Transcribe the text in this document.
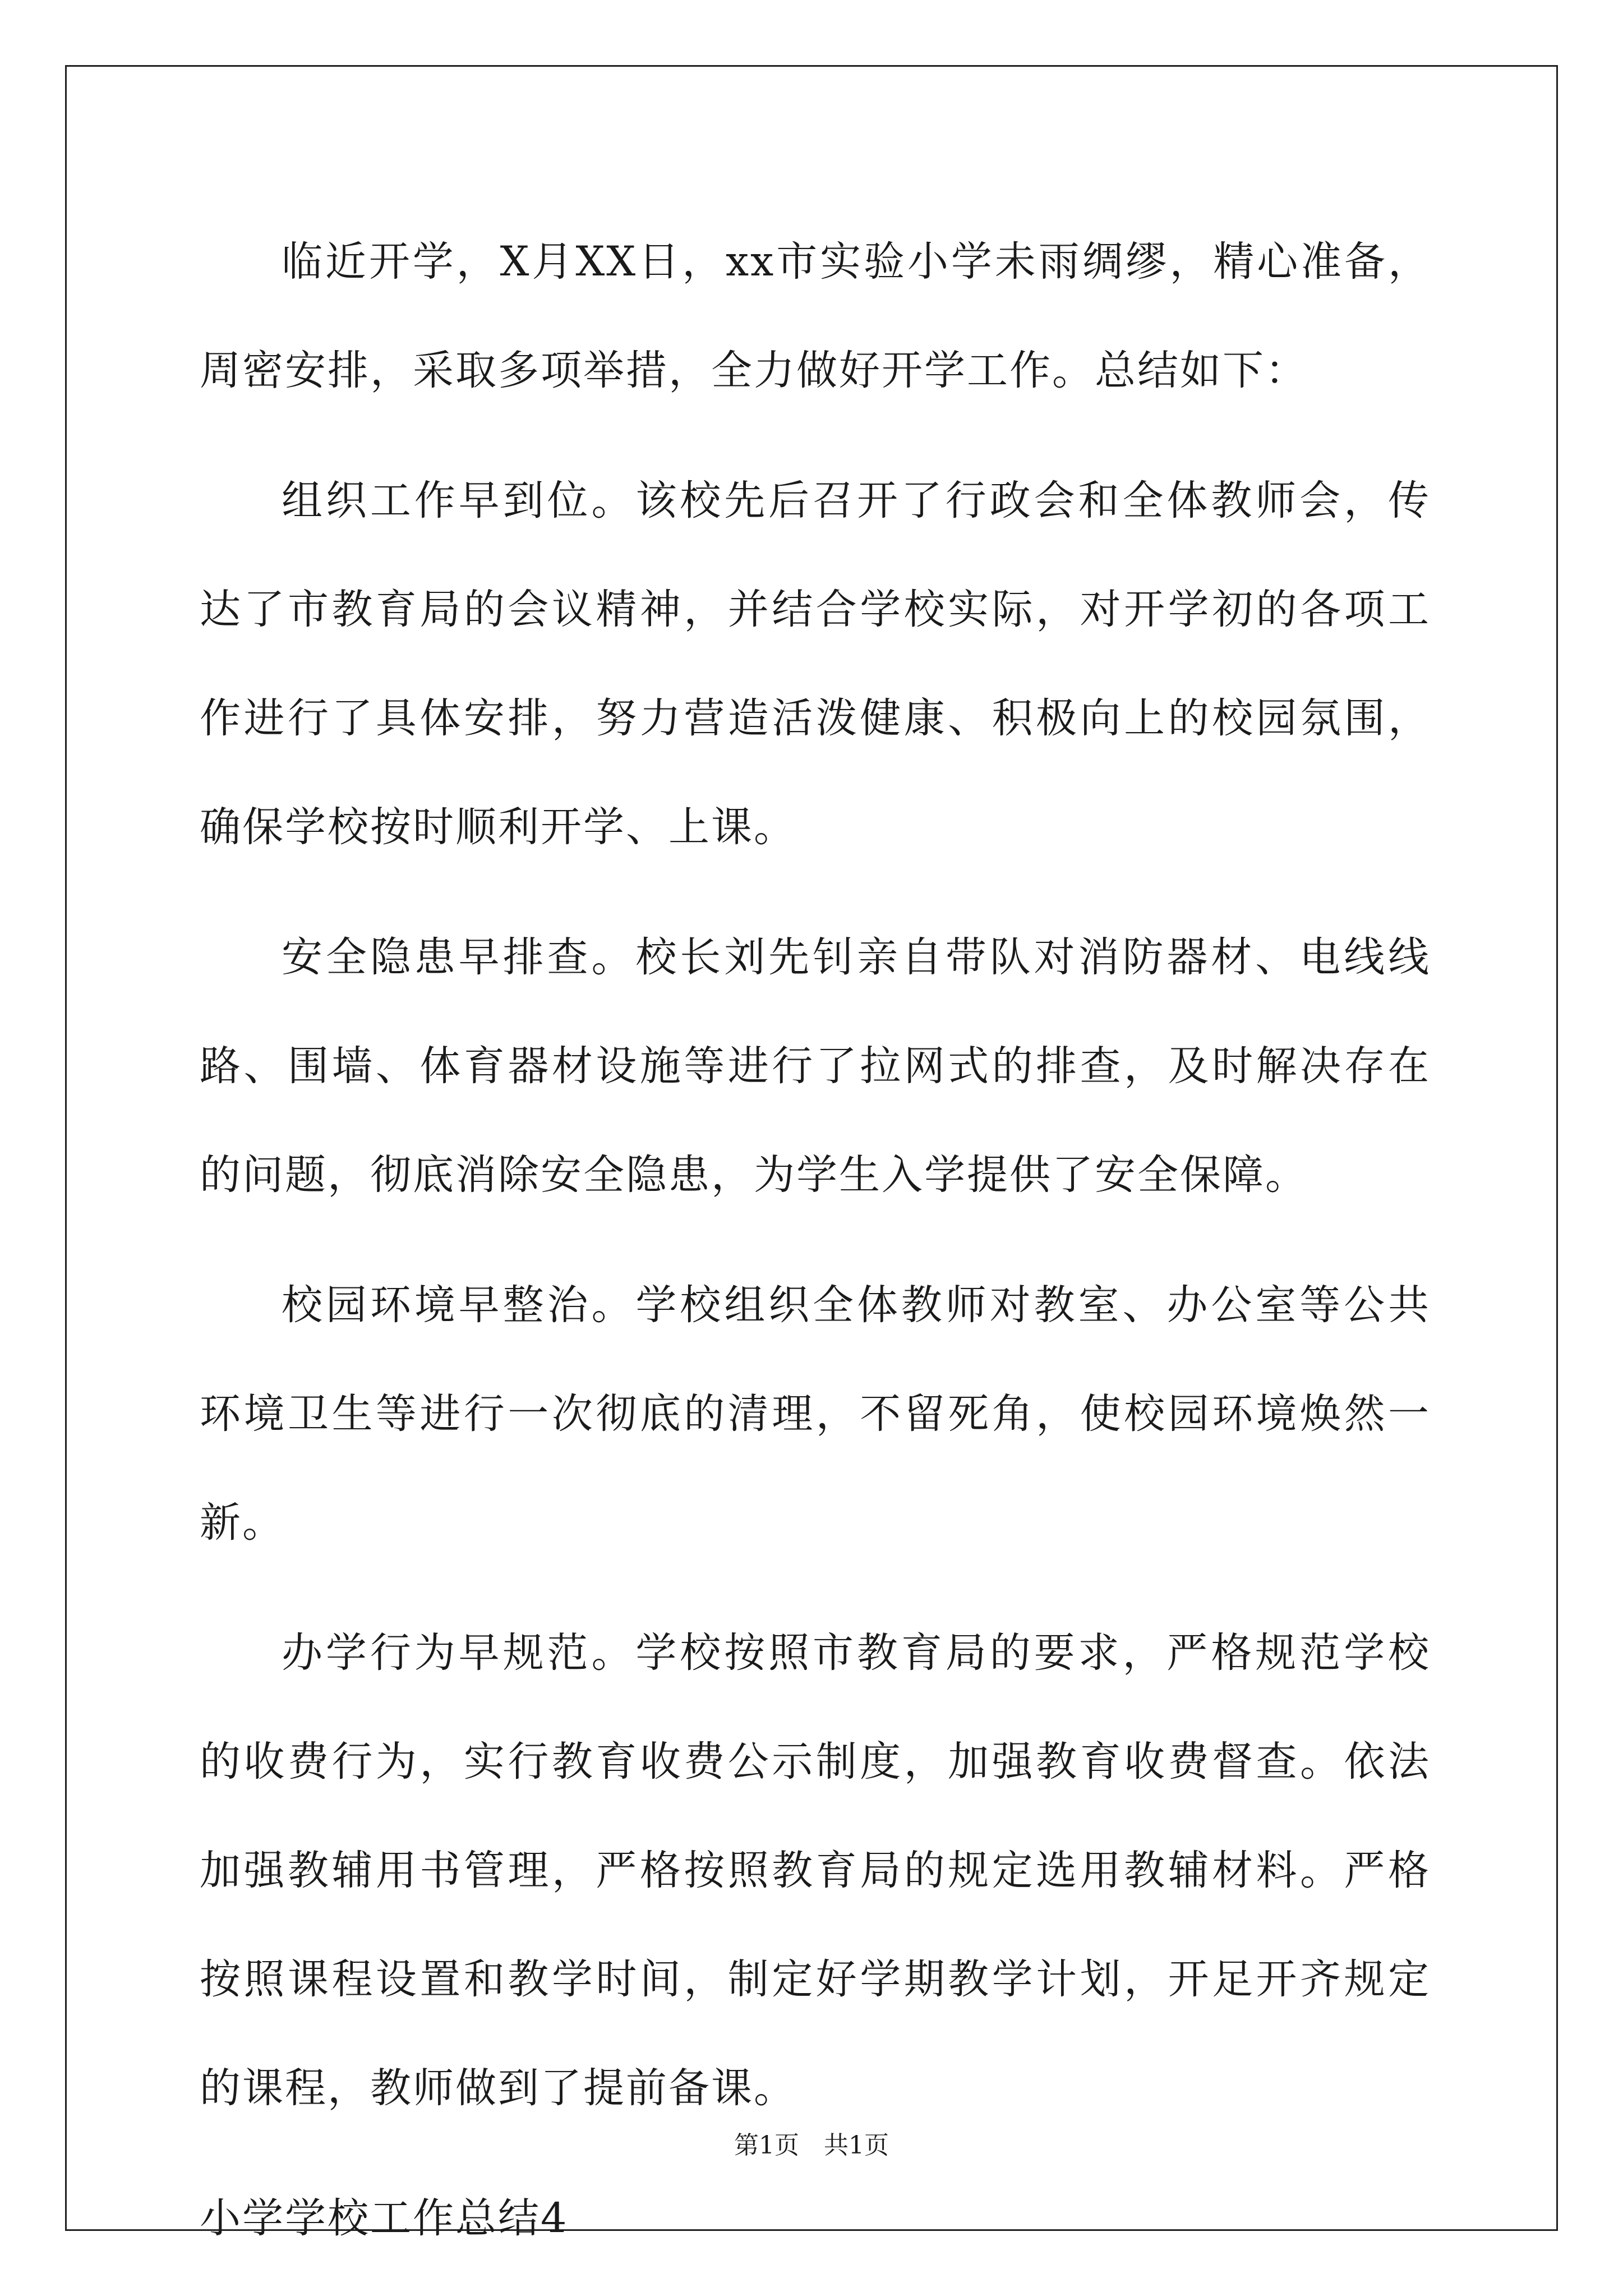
临近开学，X月XX日，xx市实验小学未雨绸缪，精心准备，周密安排，采取多项举措，全力做好开学工作。总结如下：

组织工作早到位。该校先后召开了行政会和全体教师会，传达了市教育局的会议精神，并结合学校实际，对开学初的各项工作进行了具体安排，努力营造活泼健康、积极向上的校园氛围，确保学校按时顺利开学、上课。

安全隐患早排查。校长刘先钊亲自带队对消防器材、电线线路、围墙、体育器材设施等进行了拉网式的排查，及时解决存在的问题，彻底消除安全隐患，为学生入学提供了安全保障。

校园环境早整治。学校组织全体教师对教室、办公室等公共环境卫生等进行一次彻底的清理，不留死角，使校园环境焕然一新。

办学行为早规范。学校按照市教育局的要求，严格规范学校的收费行为，实行教育收费公示制度，加强教育收费督查。依法加强教辅用书管理，严格按照教育局的规定选用教辅材料。严格按照课程设置和教学时间，制定好学期教学计划，开足开齐规定的课程，教师做到了提前备课。

小学学校工作总结4

第1页　共1页
